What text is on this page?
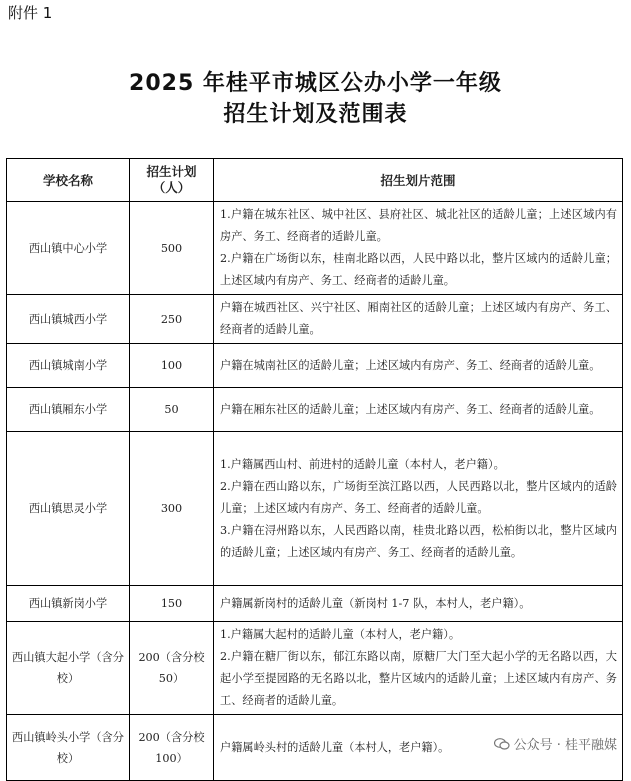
附件 1
2025 年桂平市城区公办小学一年级
招生计划及范围表
学校名称	招生计划（人）	招生划片范围
西山镇中心小学	500	1.户籍在城东社区、城中社区、县府社区、城北社区的适龄儿童；上述区域内有房产、务工、经商者的适龄儿童。
2.户籍在广场街以东，桂南北路以西，人民中路以北，整片区域内的适龄儿童；上述区域内有房产、务工、经商者的适龄儿童。

西山镇城西小学	250	户籍在城西社区、兴宁社区、厢南社区的适龄儿童；上述区域内有房产、务工、经商者的适龄儿童。

西山镇城南小学	100	户籍在城南社区的适龄儿童；上述区域内有房产、务工、经商者的适龄儿童。

西山镇厢东小学	50	户籍在厢东社区的适龄儿童；上述区域内有房产、务工、经商者的适龄儿童。

西山镇思灵小学	300	1.户籍属西山村、前进村的适龄儿童（本村人，老户籍）。
2.户籍在西山路以东，广场街至滨江路以西，人民西路以北，整片区域内的适龄儿童；上述区域内有房产、务工、经商者的适龄儿童。
3.户籍在浔州路以东，人民西路以南，桂贵北路以西，松柏街以北，整片区域内的适龄儿童；上述区域内有房产、务工、经商者的适龄儿童。

西山镇新岗小学	150	户籍属新岗村的适龄儿童（新岗村 1-7 队，本村人，老户籍）。

西山镇大起小学（含分校）	200（含分校 50）	1.户籍属大起村的适龄儿童（本村人，老户籍）。
2.户籍在糖厂街以东，郁江东路以南，原糖厂大门至大起小学的无名路以西，大起小学至提园路的无名路以北，整片区域内的适龄儿童；上述区域内有房产、务工、经商者的适龄儿童。

西山镇岭头小学（含分校）	200（含分校 100）	户籍属岭头村的适龄儿童（本村人，老户籍）。	公众号 · 桂平融媒
